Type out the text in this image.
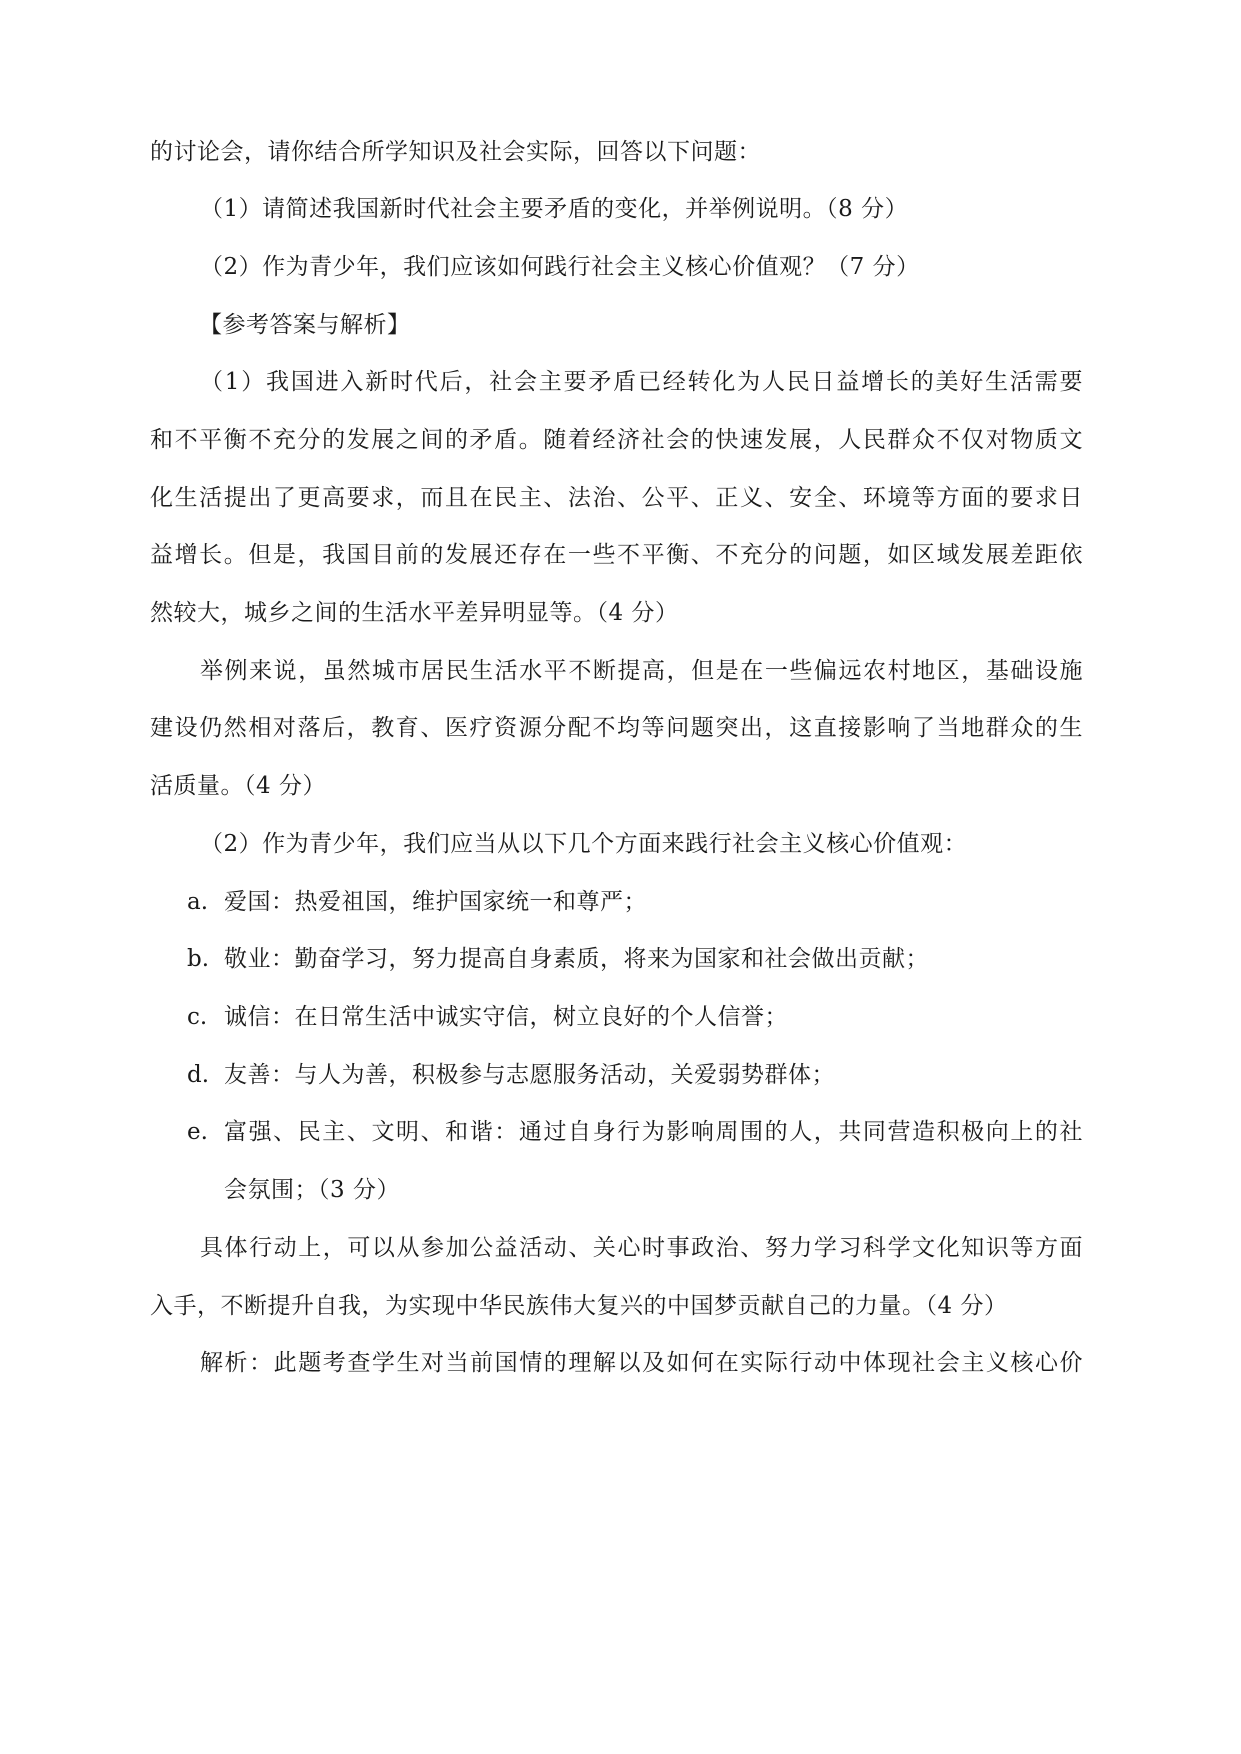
的讨论会，请你结合所学知识及社会实际，回答以下问题：
（1）请简述我国新时代社会主要矛盾的变化，并举例说明。（8 分）
（2）作为青少年，我们应该如何践行社会主义核心价值观？（7 分）
【参考答案与解析】
（1）我国进入新时代后，社会主要矛盾已经转化为人民日益增长的美好生活需要
和不平衡不充分的发展之间的矛盾。随着经济社会的快速发展，人民群众不仅对物质文
化生活提出了更高要求，而且在民主、法治、公平、正义、安全、环境等方面的要求日
益增长。但是，我国目前的发展还存在一些不平衡、不充分的问题，如区域发展差距依
然较大，城乡之间的生活水平差异明显等。（4 分）
举例来说，虽然城市居民生活水平不断提高，但是在一些偏远农村地区，基础设施
建设仍然相对落后，教育、医疗资源分配不均等问题突出，这直接影响了当地群众的生
活质量。（4 分）
（2）作为青少年，我们应当从以下几个方面来践行社会主义核心价值观：
a. 爱国：热爱祖国，维护国家统一和尊严；
b. 敬业：勤奋学习，努力提高自身素质，将来为国家和社会做出贡献；
c. 诚信：在日常生活中诚实守信，树立良好的个人信誉；
d. 友善：与人为善，积极参与志愿服务活动，关爱弱势群体；
e. 富强、民主、文明、和谐：通过自身行为影响周围的人，共同营造积极向上的社
会氛围；（3 分）
具体行动上，可以从参加公益活动、关心时事政治、努力学习科学文化知识等方面
入手，不断提升自我，为实现中华民族伟大复兴的中国梦贡献自己的力量。（4 分）
解析：此题考查学生对当前国情的理解以及如何在实际行动中体现社会主义核心价
